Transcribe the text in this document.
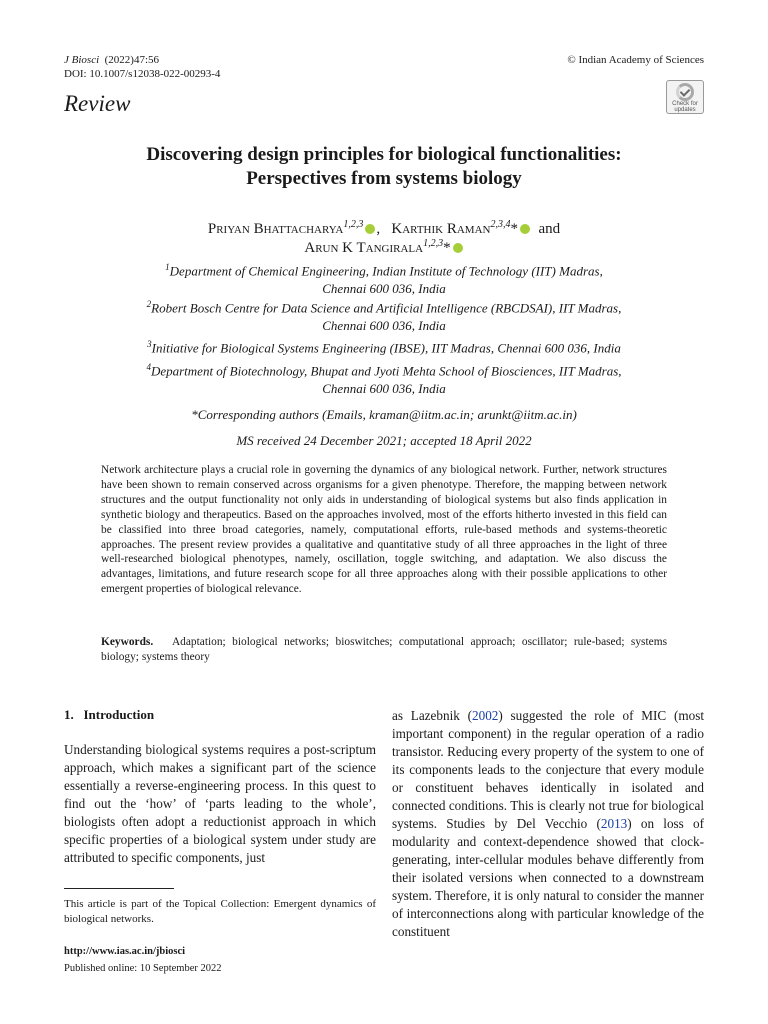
J Biosci (2022)47:56
DOI: 10.1007/s12038-022-00293-4
© Indian Academy of Sciences
Review	Check for
updates
Discovering design principles for biological functionalities:
Perspectives from systems biology
Priyan Bhattacharya$^{1,2,3}$ , Karthik Raman$^{2,3,4}$* and
Arun K Tangirala$^{1,2,3}$*
$^1$Department of Chemical Engineering, Indian Institute of Technology (IIT) Madras,
Chennai 600 036, India
$^2$Robert Bosch Centre for Data Science and Artificial Intelligence (RBCDSAI), IIT Madras,
Chennai 600 036, India
$^3$Initiative for Biological Systems Engineering (IBSE), IIT Madras, Chennai 600 036, India
$^4$Department of Biotechnology, Bhupat and Jyoti Mehta School of Biosciences, IIT Madras,
Chennai 600 036, India
*Corresponding authors (Emails, kraman@iitm.ac.in; arunkt@iitm.ac.in)
MS received 24 December 2021; accepted 18 April 2022
Network architecture plays a crucial role in governing the dynamics of any biological network. Further, network structures have been shown to remain conserved across organisms for a given phenotype. Therefore, the mapping between network structures and the output functionality not only aids in understanding of biological systems but also finds application in synthetic biology and therapeutics. Based on the approaches involved, most of the efforts hitherto invested in this field can be classified into three broad categories, namely, computational efforts, rule-based methods and systems-theoretic approaches. The present review provides a qualitative and quantitative study of all three approaches in the light of three well-researched biological phenotypes, namely, oscillation, toggle switching, and adaptation. We also discuss the advantages, limitations, and future research scope for all three approaches along with their possible applications to other emergent properties of biological relevance.
Keywords. Adaptation; biological networks; bioswitches; computational approach; oscillator; rule-based; systems biology; systems theory
1. Introduction
Understanding biological systems requires a post-scriptum approach, which makes a significant part of the science essentially a reverse-engineering process. In this quest to find out the ‘how’ of ‘parts leading to the whole’, biologists often adopt a reductionist approach in which specific properties of a biological system under study are attributed to specific components, just
as Lazebnik (2002) suggested the role of MIC (most important component) in the regular operation of a radio transistor. Reducing every property of the system to one of its components leads to the conjecture that every module or constituent behaves identically in isolated and connected conditions. This is clearly not true for biological systems. Studies by Del Vecchio (2013) on loss of modularity and context-dependence showed that clock-generating, inter-cellular modules behave differently from their isolated versions when connected to a downstream system. Therefore, it is only natural to consider the manner of interconnections along with particular knowledge of the constituent
This article is part of the Topical Collection: Emergent dynamics of biological networks.
http://www.ias.ac.in/jbiosci
Published online: 10 September 2022
